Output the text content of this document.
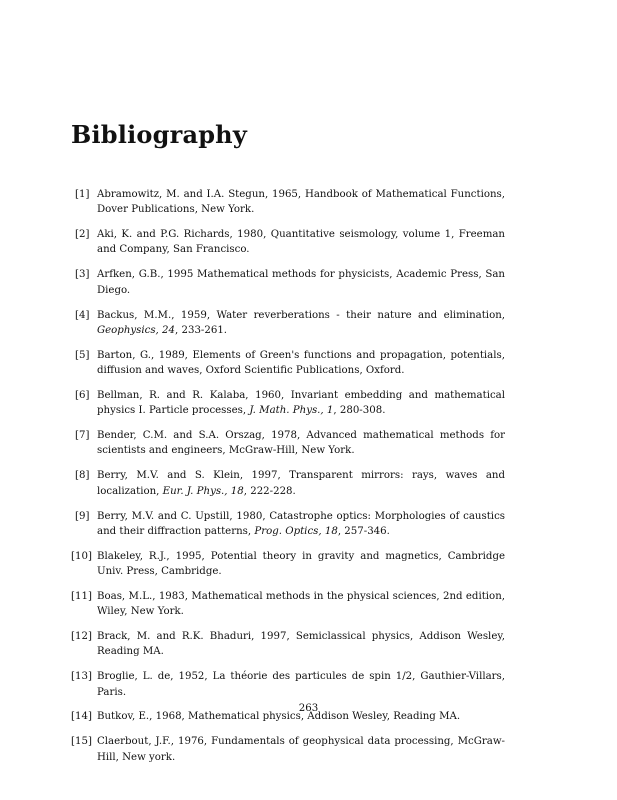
Bibliography
[1] Abramowitz, M. and I.A. Stegun, 1965, Handbook of Mathematical Functions, Dover Publications, New York.
[2] Aki, K. and P.G. Richards, 1980, Quantitative seismology, volume 1, Freeman and Company, San Francisco.
[3] Arfken, G.B., 1995 Mathematical methods for physicists, Academic Press, San Diego.
[4] Backus, M.M., 1959, Water reverberations - their nature and elimination, Geophysics, 24, 233-261.
[5] Barton, G., 1989, Elements of Green's functions and propagation, potentials, diffusion and waves, Oxford Scientific Publications, Oxford.
[6] Bellman, R. and R. Kalaba, 1960, Invariant embedding and mathematical physics I. Particle processes, J. Math. Phys., 1, 280-308.
[7] Bender, C.M. and S.A. Orszag, 1978, Advanced mathematical methods for scientists and engineers, McGraw-Hill, New York.
[8] Berry, M.V. and S. Klein, 1997, Transparent mirrors: rays, waves and localization, Eur. J. Phys., 18, 222-228.
[9] Berry, M.V. and C. Upstill, 1980, Catastrophe optics: Morphologies of caustics and their diffraction patterns, Prog. Optics, 18, 257-346.
[10] Blakeley, R.J., 1995, Potential theory in gravity and magnetics, Cambridge Univ. Press, Cambridge.
[11] Boas, M.L., 1983, Mathematical methods in the physical sciences, 2nd edition, Wiley, New York.
[12] Brack, M. and R.K. Bhaduri, 1997, Semiclassical physics, Addison Wesley, Reading MA.
[13] Broglie, L. de, 1952, La théorie des particules de spin 1/2, Gauthier-Villars, Paris.
[14] Butkov, E., 1968, Mathematical physics, Addison Wesley, Reading MA.
[15] Claerbout, J.F., 1976, Fundamentals of geophysical data processing, McGraw-Hill, New york.
263
